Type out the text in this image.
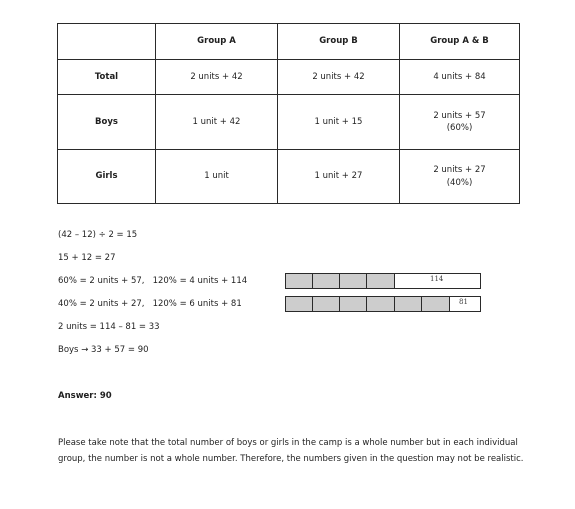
	Group A	Group B	Group A & B
Total	2 units + 42	2 units + 42	4 units + 84
Boys	1 unit + 42	1 unit + 15	2 units + 57
(60%)

Girls	1 unit	1 unit + 27	2 units + 27
(40%)
(42 – 12) ÷ 2 = 15
15 + 12 = 27
60% = 2 units + 57,   120% = 4 units + 114
40% = 2 units + 27,   120% = 6 units + 81
2 units = 114 – 81 = 33
Boys → 33 + 57 = 90
114
81
Answer: 90
Please take note that the total number of boys or girls in the camp is a whole number but in each individual group, the number is not a whole number. Therefore, the numbers given in the question may not be realistic.
